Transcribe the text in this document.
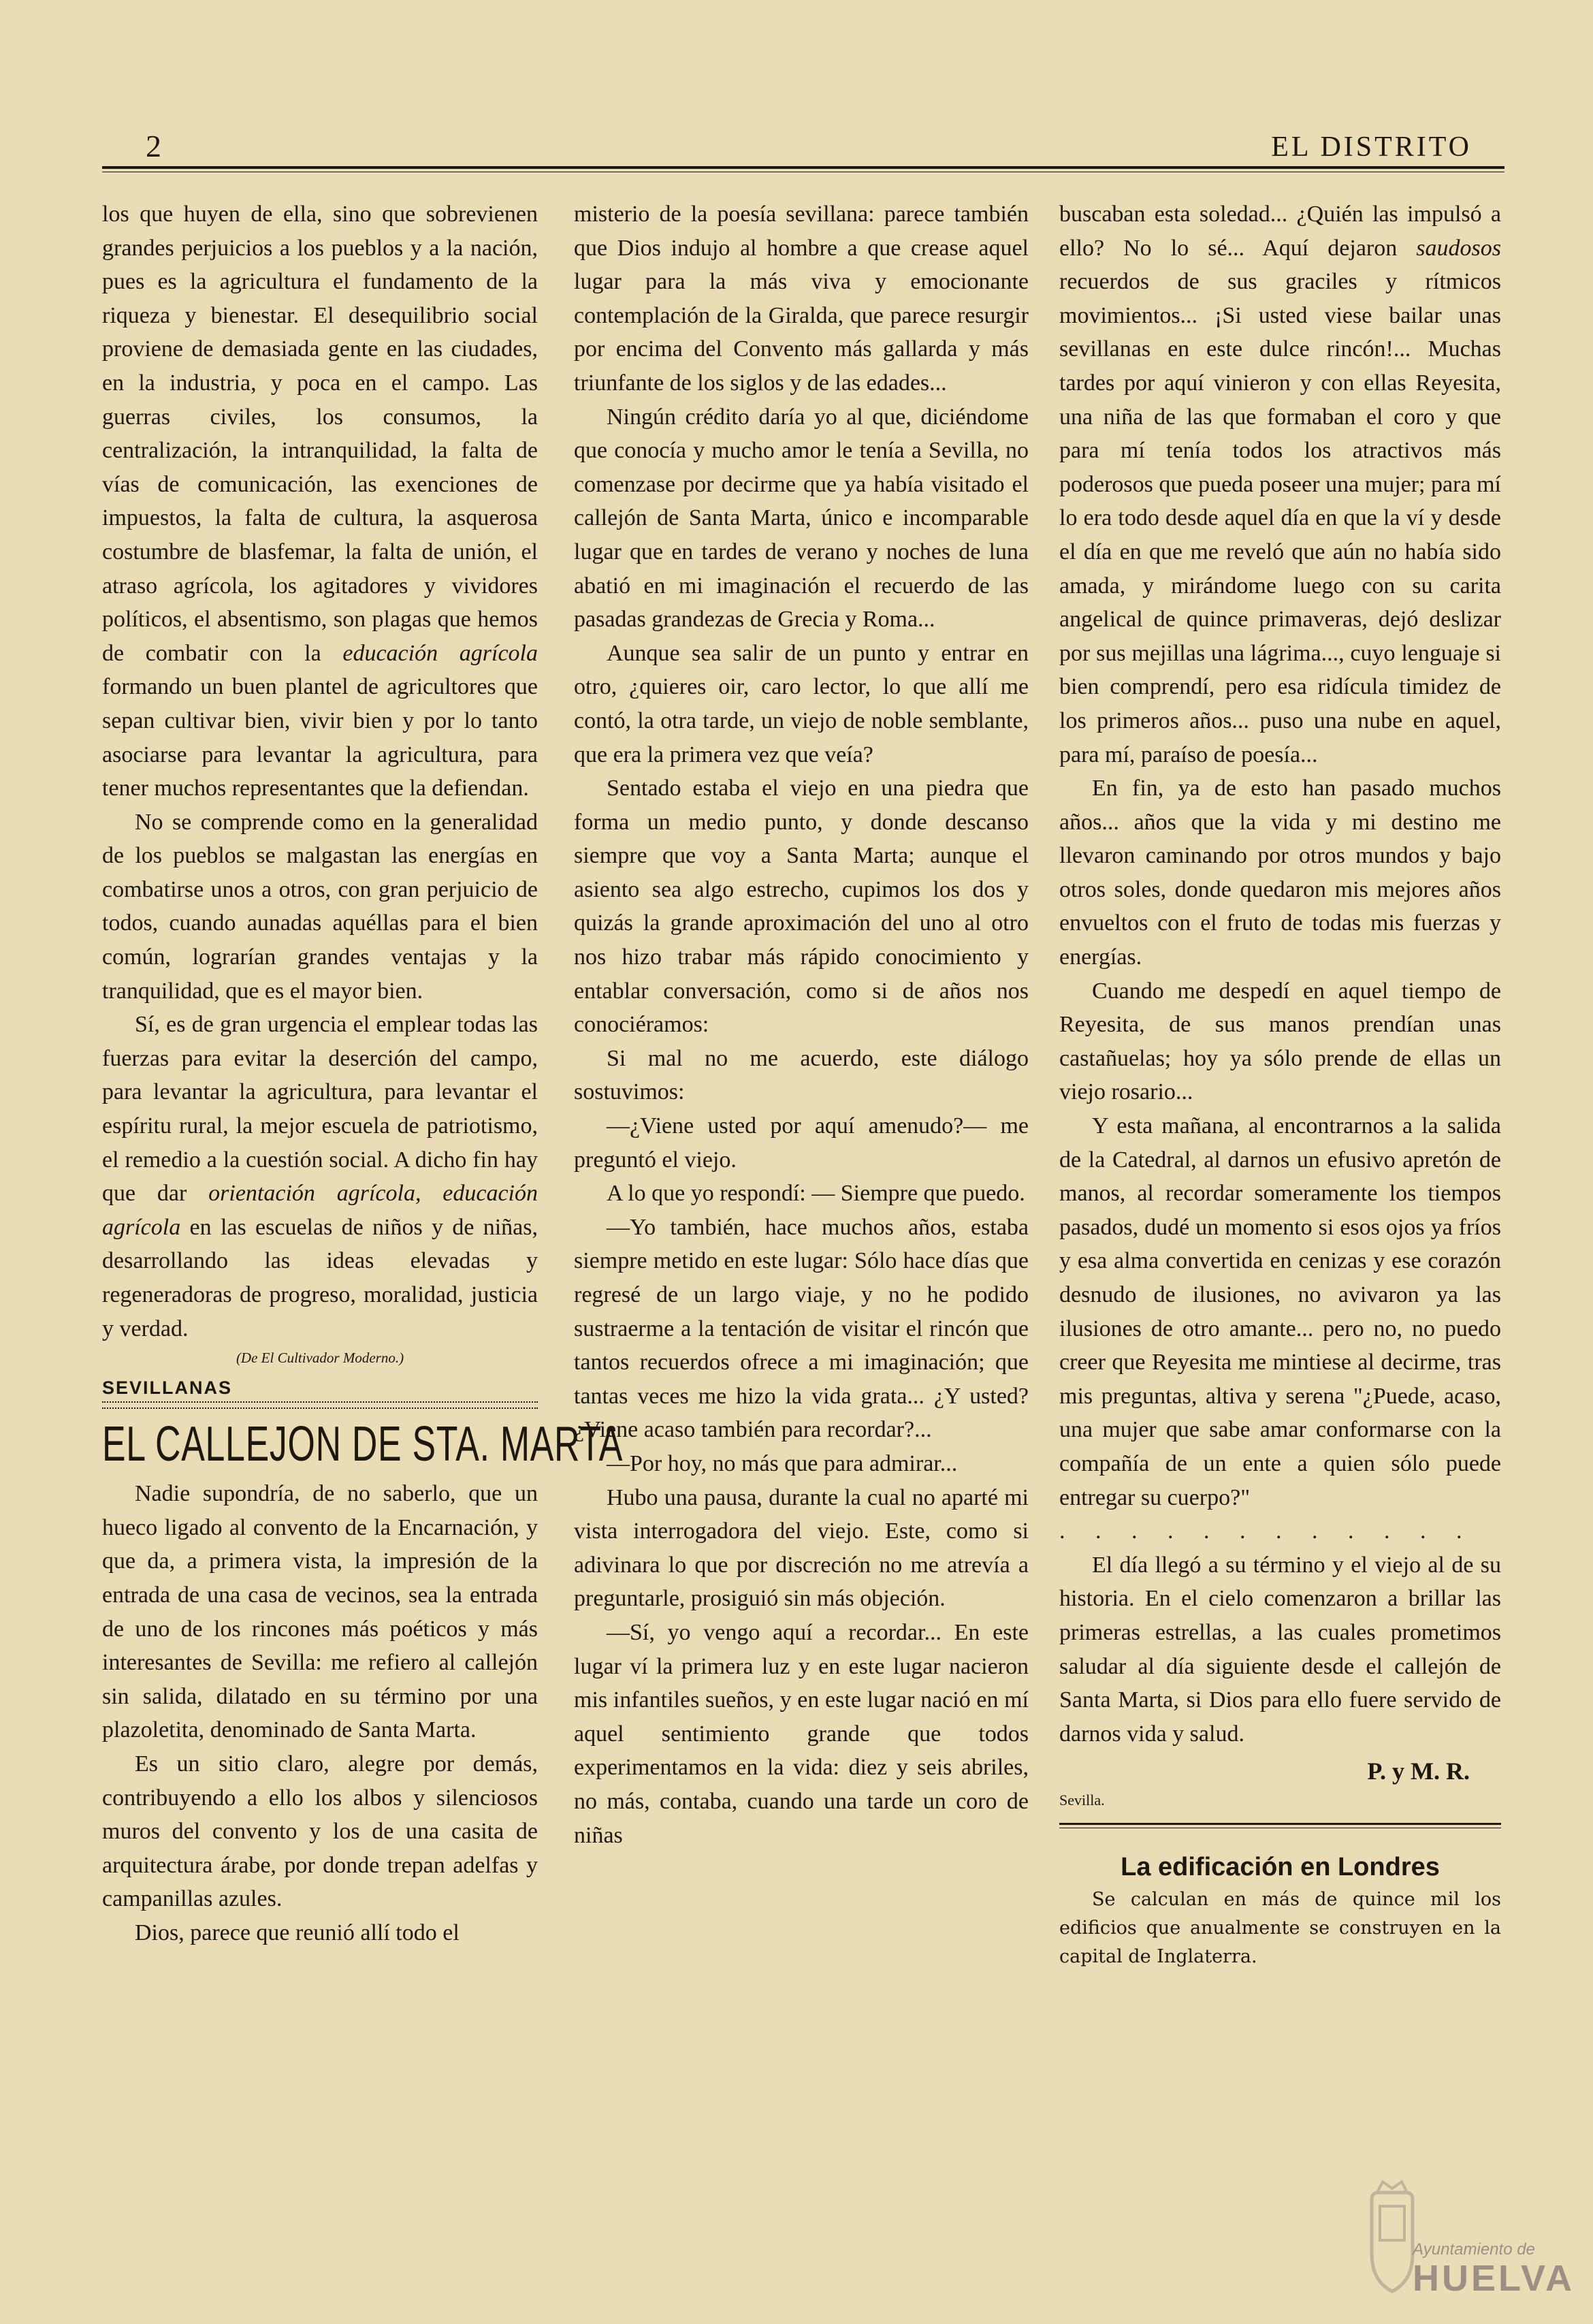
2	EL DISTRITO

los que huyen de ella, sino que sobrevienen grandes perjuicios a los pueblos y a la nación, pues es la agricultura el fundamento de la riqueza y bienestar. El desequilibrio social proviene de demasiada gente en las ciudades, en la industria, y poca en el campo. Las guerras civiles, los consumos, la centralización, la intranquilidad, la falta de vías de comunicación, las exenciones de impuestos, la falta de cultura, la asquerosa costumbre de blasfemar, la falta de unión, el atraso agrícola, los agitadores y vividores políticos, el absentismo, son plagas que hemos de combatir con la educación agrícola formando un buen plantel de agricultores que sepan cultivar bien, vivir bien y por lo tanto asociarse para levantar la agricultura, para tener muchos representantes que la defiendan.

No se comprende como en la generalidad de los pueblos se malgastan las energías en combatirse unos a otros, con gran perjuicio de todos, cuando aunadas aquéllas para el bien común, lograrían grandes ventajas y la tranquilidad, que es el mayor bien.

Sí, es de gran urgencia el emplear todas las fuerzas para evitar la deserción del campo, para levantar la agricultura, para levantar el espíritu rural, la mejor escuela de patriotismo, el remedio a la cuestión social. A dicho fin hay que dar orientación agrícola, educación agrícola en las escuelas de niños y de niñas, desarrollando las ideas elevadas y regeneradoras de progreso, moralidad, justicia y verdad.

(De El Cultivador Moderno.)

SEVILLANAS

EL CALLEJON DE STA. MARTA

Nadie supondría, de no saberlo, que un hueco ligado al convento de la Encarnación, y que da, a primera vista, la impresión de la entrada de una casa de vecinos, sea la entrada de uno de los rincones más poéticos y más interesantes de Sevilla: me refiero al callejón sin salida, dilatado en su término por una plazoletita, denominado de Santa Marta.

Es un sitio claro, alegre por demás, contribuyendo a ello los albos y silenciosos muros del convento y los de una casita de arquitectura árabe, por donde trepan adelfas y campanillas azules.

Dios, parece que reunió allí todo el

misterio de la poesía sevillana: parece también que Dios indujo al hombre a que crease aquel lugar para la más viva y emocionante contemplación de la Giralda, que parece resurgir por encima del Convento más gallarda y más triunfante de los siglos y de las edades...

Ningún crédito daría yo al que, diciéndome que conocía y mucho amor le tenía a Sevilla, no comenzase por decirme que ya había visitado el callejón de Santa Marta, único e incomparable lugar que en tardes de verano y noches de luna abatió en mi imaginación el recuerdo de las pasadas grandezas de Grecia y Roma...

Aunque sea salir de un punto y entrar en otro, ¿quieres oir, caro lector, lo que allí me contó, la otra tarde, un viejo de noble semblante, que era la primera vez que veía?

Sentado estaba el viejo en una piedra que forma un medio punto, y donde descanso siempre que voy a Santa Marta; aunque el asiento sea algo estrecho, cupimos los dos y quizás la grande aproximación del uno al otro nos hizo trabar más rápido conocimiento y entablar conversación, como si de años nos conociéramos:

Si mal no me acuerdo, este diálogo sostuvimos:

—¿Viene usted por aquí amenudo?— me preguntó el viejo.

A lo que yo respondí: — Siempre que puedo.

—Yo también, hace muchos años, estaba siempre metido en este lugar: Sólo hace días que regresé de un largo viaje, y no he podido sustraerme a la tentación de visitar el rincón que tantos recuerdos ofrece a mi imaginación; que tantas veces me hizo la vida grata... ¿Y usted? ¿Viene acaso también para recordar?...

—Por hoy, no más que para admirar...

Hubo una pausa, durante la cual no aparté mi vista interrogadora del viejo. Este, como si adivinara lo que por discreción no me atrevía a preguntarle, prosiguió sin más objeción.

—Sí, yo vengo aquí a recordar... En este lugar ví la primera luz y en este lugar nacieron mis infantiles sueños, y en este lugar nació en mí aquel sentimiento grande que todos experimentamos en la vida: diez y seis abriles, no más, contaba, cuando una tarde un coro de niñas

buscaban esta soledad... ¿Quién las impulsó a ello? No lo sé... Aquí dejaron saudosos recuerdos de sus graciles y rítmicos movimientos... ¡Si usted viese bailar unas sevillanas en este dulce rincón!... Muchas tardes por aquí vinieron y con ellas Reyesita, una niña de las que formaban el coro y que para mí tenía todos los atractivos más poderosos que pueda poseer una mujer; para mí lo era todo desde aquel día en que la ví y desde el día en que me reveló que aún no había sido amada, y mirándome luego con su carita angelical de quince primaveras, dejó deslizar por sus mejillas una lágrima..., cuyo lenguaje si bien comprendí, pero esa ridícula timidez de los primeros años... puso una nube en aquel, para mí, paraíso de poesía...

En fin, ya de esto han pasado muchos años... años que la vida y mi destino me llevaron caminando por otros mundos y bajo otros soles, donde quedaron mis mejores años envueltos con el fruto de todas mis fuerzas y energías.

Cuando me despedí en aquel tiempo de Reyesita, de sus manos prendían unas castañuelas; hoy ya sólo prende de ellas un viejo rosario...

Y esta mañana, al encontrarnos a la salida de la Catedral, al darnos un efusivo apretón de manos, al recordar someramente los tiempos pasados, dudé un momento si esos ojos ya fríos y esa alma convertida en cenizas y ese corazón desnudo de ilusiones, no avivaron ya las ilusiones de otro amante... pero no, no puedo creer que Reyesita me mintiese al decirme, tras mis preguntas, altiva y serena "¿Puede, acaso, una mujer que sabe amar conformarse con la compañía de un ente a quien sólo puede entregar su cuerpo?"

. . . . . . . . . . . .

El día llegó a su término y el viejo al de su historia. En el cielo comenzaron a brillar las primeras estrellas, a las cuales prometimos saludar al día siguiente desde el callejón de Santa Marta, si Dios para ello fuere servido de darnos vida y salud.

P. y M. R.

Sevilla.

La edificación en Londres

Se calculan en más de quince mil los edificios que anualmente se construyen en la capital de Inglaterra.

Ayuntamiento de
HUELVA
